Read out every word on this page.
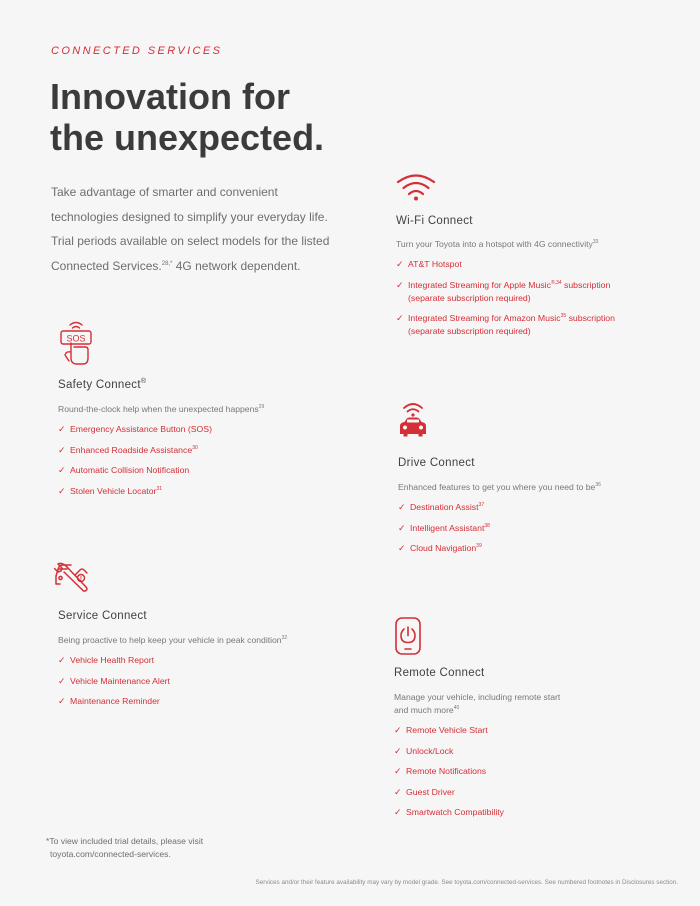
CONNECTED SERVICES
Innovation for
the unexpected.
Take advantage of smarter and convenient
technologies designed to simplify your everyday life.
Trial periods available on select models for the listed
Connected Services.$^{28,*}$ 4G network dependent.
Wi-Fi Connect
Turn your Toyota into a hotspot with 4G connectivity$^{33}$
✓ AT&T Hotspot
✓ Integrated Streaming for Apple Music$^{®,34}$ subscription
(separate subscription required)
✓ Integrated Streaming for Amazon Music$^{35}$ subscription
(separate subscription required)
SOS
Safety Connect®
Round-the-clock help when the unexpected happens$^{29}$
✓ Emergency Assistance Button (SOS)
✓ Enhanced Roadside Assistance$^{30}$
✓ Automatic Collision Notification
✓ Stolen Vehicle Locator$^{31}$
Drive Connect
Enhanced features to get you where you need to $be^{36}$
✓ Destination Assist$^{37}$
✓ Intelligent Assistant$^{38}$
✓ Cloud Navigation$^{39}$
!
Service Connect
Being proactive to help keep your vehicle in peak condition$^{32}$
✓ Vehicle Health Report
✓ Vehicle Maintenance Alert
✓ Maintenance Reminder
Remote Connect
Manage your vehicle, including remote start
and much more$^{40}$
✓ Remote Vehicle Start
✓ Unlock/Lock
✓ Remote Notifications
✓ Guest Driver
✓ Smartwatch Compatibility
*To view included trial details, please visit
toyota.com/connected-services.
Services and/or their feature availability may vary by model grade. See toyota.com/connected-services. See numbered footnotes in Disclosures section.
